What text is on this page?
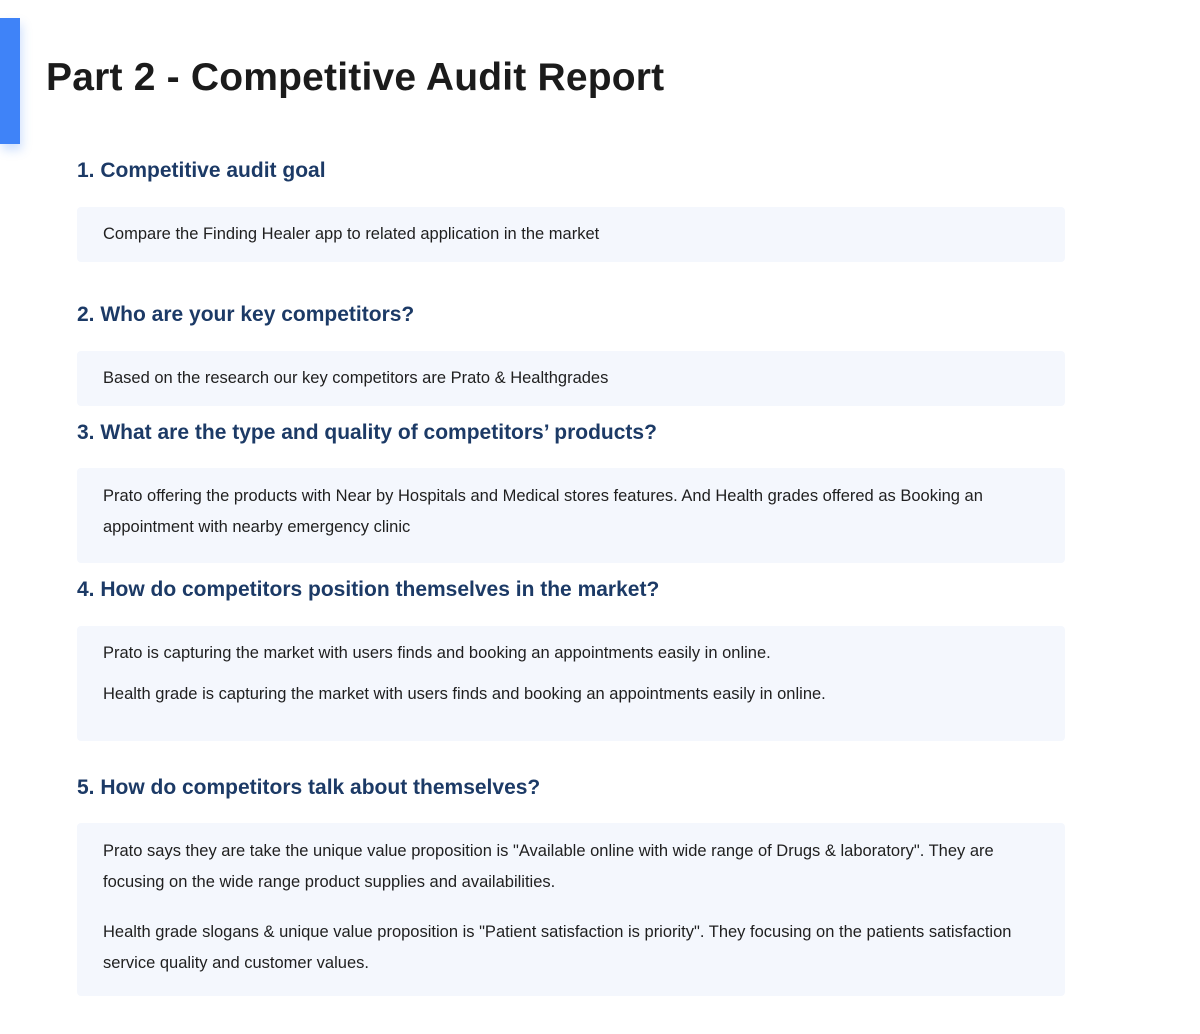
Part 2 - Competitive Audit Report
1. Competitive audit goal

Compare the Finding Healer app to related application in the market

2. Who are your key competitors?

Based on the research our key competitors are Prato & Healthgrades

3. What are the type and quality of competitors’ products?

Prato offering the products with Near by Hospitals and Medical stores features. And Health grades offered as Booking an appointment with nearby emergency clinic

4. How do competitors position themselves in the market?

Prato is capturing the market with users finds and booking an appointments easily in online.

Health grade is capturing the market with users finds and booking an appointments easily in online.

5. How do competitors talk about themselves?

Prato says they are take the unique value proposition is "Available online with wide range of Drugs & laboratory". They are focusing on the wide range product supplies and availabilities.

Health grade slogans & unique value proposition is "Patient satisfaction is priority". They focusing on the patients satisfaction service quality and customer values.
